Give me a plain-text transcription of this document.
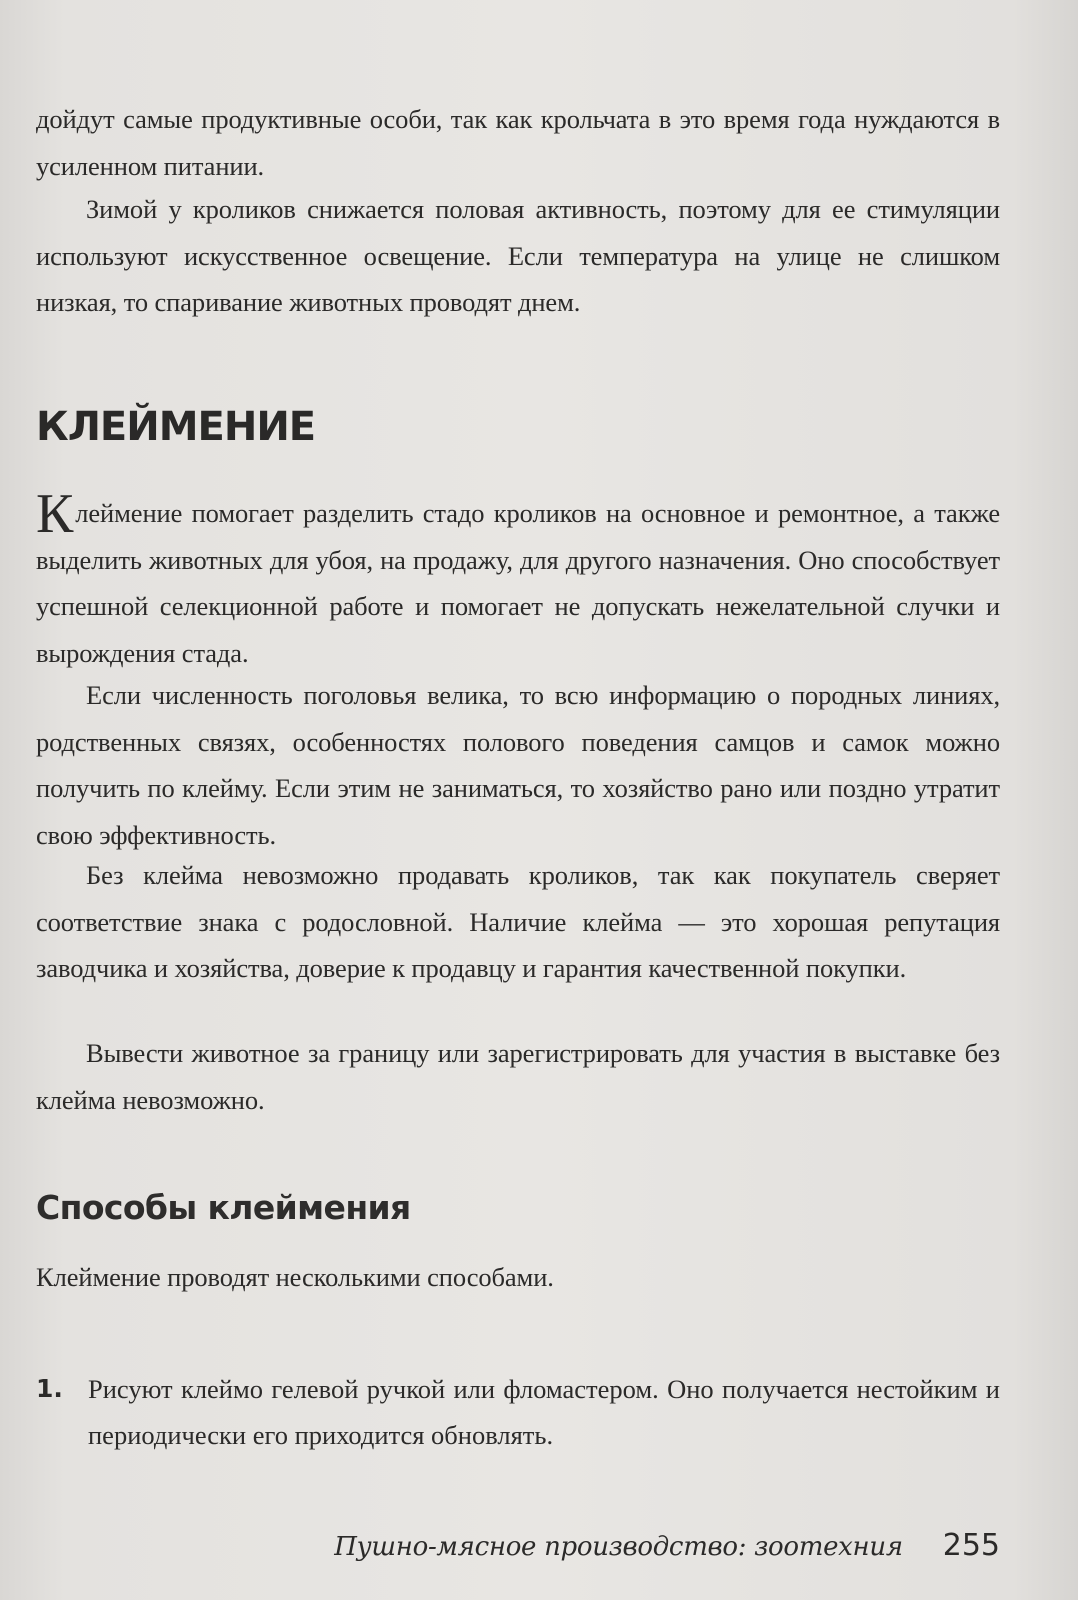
дойдут самые продуктивные особи, так как крольчата в это время года нуждаются в усиленном питании.

Зимой у кроликов снижается половая активность, поэтому для ее стимуляции используют искусственное освещение. Если температура на улице не слишком низкая, то спаривание животных проводят днем.

КЛЕЙМЕНИЕ

Клеймение помогает разделить стадо кроликов на основное и ремонтное, а также выделить животных для убоя, на продажу, для другого назначения. Оно способствует успешной селекционной работе и помогает не допускать нежелательной случки и вырождения стада.

Если численность поголовья велика, то всю информацию о породных линиях, родственных связях, особенностях полового поведения самцов и самок можно получить по клейму. Если этим не заниматься, то хозяйство рано или поздно утратит свою эффективность.

Без клейма невозможно продавать кроликов, так как покупатель сверяет соответствие знака с родословной. Наличие клейма — это хорошая репутация заводчика и хозяйства, доверие к продавцу и гарантия качественной покупки.

Вывести животное за границу или зарегистрировать для участия в выставке без клейма невозможно.

Способы клеймения

Клеймение проводят несколькими способами.

1. Рисуют клеймо гелевой ручкой или фломастером. Оно получается нестойким и периодически его приходится обновлять.
Пушно-мясное производство: зоотехния 255
